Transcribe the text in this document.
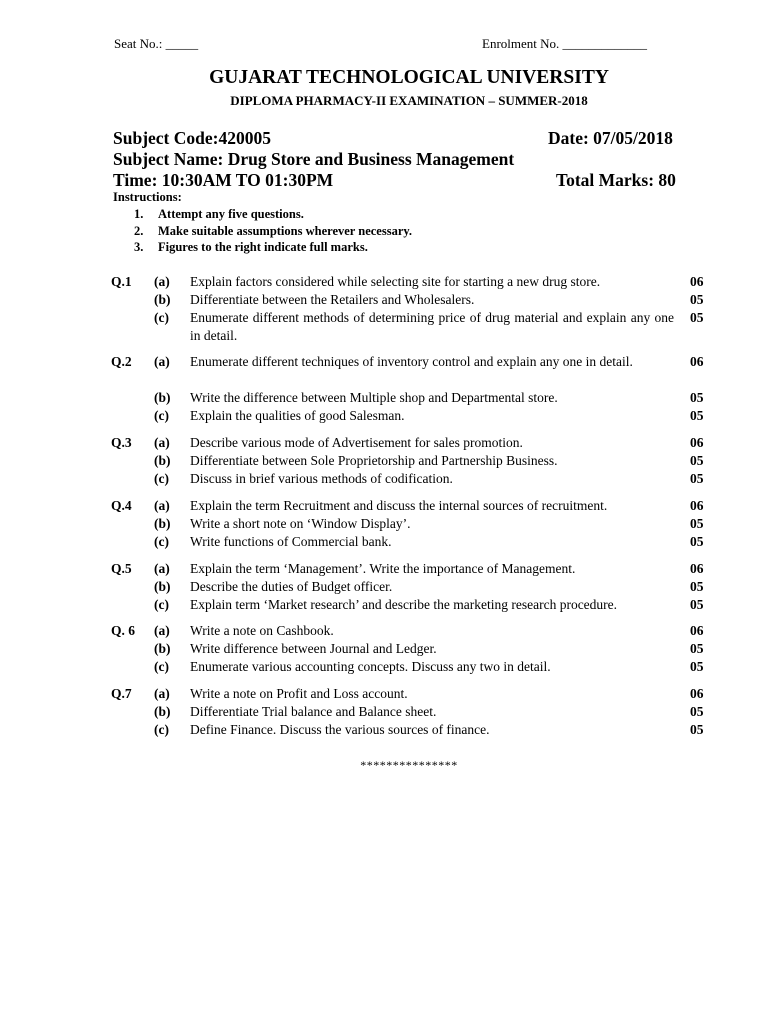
Seat No.: _____	Enrolment No. _____________
GUJARAT TECHNOLOGICAL UNIVERSITY
DIPLOMA PHARMACY-II EXAMINATION – SUMMER-2018
Subject Code:420005	Date: 07/05/2018
Subject Name: Drug Store and Business Management
Time: 10:30AM TO 01:30PM	Total Marks: 80
Instructions:
1. Attempt any five questions.
2. Make suitable assumptions wherever necessary.
3. Figures to the right indicate full marks.
Q.1 (a) Explain factors considered while selecting site for starting a new drug store.	06
(b) Differentiate between the Retailers and Wholesalers.	05
(c) Enumerate different methods of determining price of drug material and explain any one in detail.
05
Q.2 (a) Enumerate different techniques of inventory control and explain any one in detail.	06
(b) Write the difference between Multiple shop and Departmental store.	05
(c) Explain the qualities of good Salesman.	05
Q.3 (a) Describe various mode of Advertisement for sales promotion.	06
(b) Differentiate between Sole Proprietorship and Partnership Business.	05
(c) Discuss in brief various methods of codification.	05
Q.4 (a) Explain the term Recruitment and discuss the internal sources of recruitment.	06
(b) Write a short note on ‘Window Display’.	05
(c) Write functions of Commercial bank.	05
Q.5 (a) Explain the term ‘Management’. Write the importance of Management.	06
(b) Describe the duties of Budget officer.	05
(c) Explain term ‘Market research’ and describe the marketing research procedure.	05
Q. 6 (a) Write a note on Cashbook.	06
(b) Write difference between Journal and Ledger.	05
(c) Enumerate various accounting concepts. Discuss any two in detail.	05
Q.7 (a) Write a note on Profit and Loss account.	06
(b) Differentiate Trial balance and Balance sheet.	05
(c) Define Finance. Discuss the various sources of finance.	05
***************
